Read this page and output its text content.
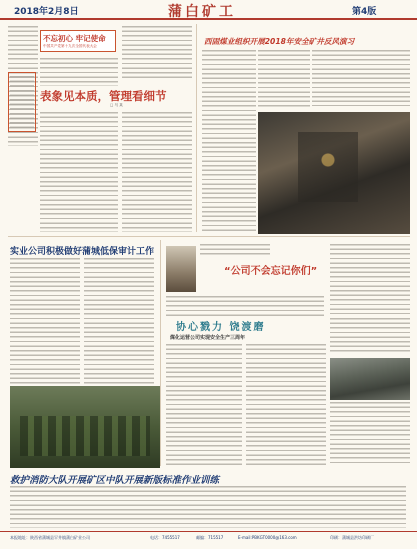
2018年2月8日	蒲白矿工	第4版
不忘初心 牢记使命
中国共产党第十九次全国代表大会
表象见本质，管理看细节
□ 马 某
西固煤业组织开展2018年安全矿井反风演习
实业公司积极做好蒲城低保审计工作
“公司不会忘记你们”
协心戮力 饶渡磨
煤化运营公司实现安全生产三周年
救护消防大队开展矿区中队开展新版标准作业训练
本报地址：陕西省蒲城县罕井镇蒲白矿业公司	电话：7455517	邮编：715517	E-mail:PBKGT0000@163.com	印刷：蒲城县洪坊印刷厂
